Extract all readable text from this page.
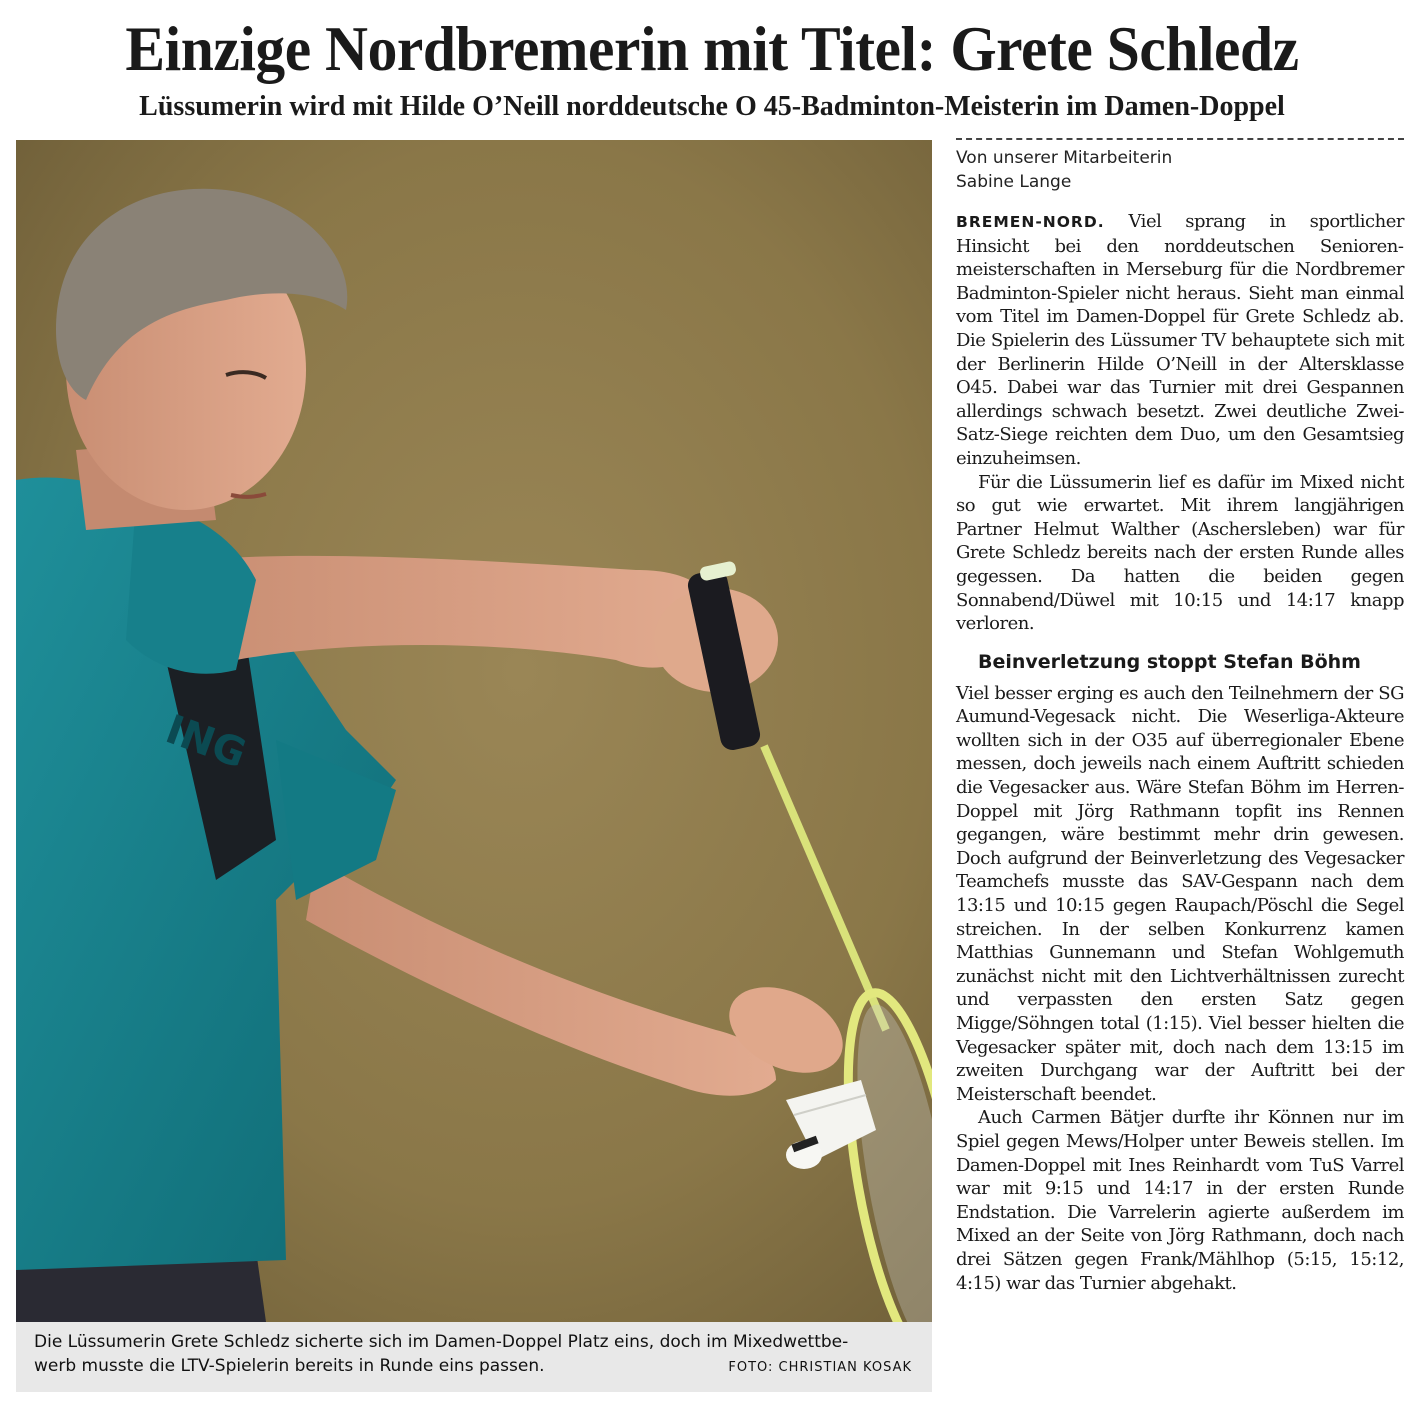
Einzige Nordbremerin mit Titel: Grete Schledz
Lüssumerin wird mit Hilde O’Neill norddeutsche O 45-Badminton-Meisterin im Damen-Doppel
ING
Die Lüssumerin Grete Schledz sicherte sich im Damen-Doppel Platz eins, doch im Mixedwettbe-
werb musste die LTV-Spielerin bereits in Runde eins passen.	FOTO: CHRISTIAN KOSAK
Von unserer Mitarbeiterin
Sabine Lange

BREMEN-NORD. Viel sprang in sportlicher Hinsicht bei den norddeutschen Seniorenmeisterschaften in Merseburg für die Nordbremer Badminton-Spieler nicht heraus. Sieht man einmal vom Titel im Damen-Doppel für Grete Schledz ab. Die Spielerin des Lüssumer TV behauptete sich mit der Berlinerin Hilde O’Neill in der Altersklasse O45. Dabei war das Turnier mit drei Gespannen allerdings schwach besetzt. Zwei deutliche Zwei-Satz-Siege reichten dem Duo, um den Gesamtsieg einzuheimsen.

Für die Lüssumerin lief es dafür im Mixed nicht so gut wie erwartet. Mit ihrem langjährigen Partner Helmut Walther (Aschersleben) war für Grete Schledz bereits nach der ersten Runde alles gegessen. Da hatten die beiden gegen Sonnabend/Düwel mit 10:15 und 14:17 knapp verloren.

Beinverletzung stoppt Stefan Böhm

Viel besser erging es auch den Teilnehmern der SG Aumund-Vegesack nicht. Die Weserliga-Akteure wollten sich in der O35 auf überregionaler Ebene messen, doch jeweils nach einem Auftritt schieden die Vegesacker aus. Wäre Stefan Böhm im Herren-Doppel mit Jörg Rathmann topfit ins Rennen gegangen, wäre bestimmt mehr drin gewesen. Doch aufgrund der Beinverletzung des Vegesacker Teamchefs musste das SAV-Gespann nach dem 13:15 und 10:15 gegen Raupach/Pöschl die Segel streichen. In der selben Konkurrenz kamen Matthias Gunnemann und Stefan Wohlgemuth zunächst nicht mit den Lichtverhältnissen zurecht und verpassten den ersten Satz gegen Migge/Söhngen total (1:15). Viel besser hielten die Vegesacker später mit, doch nach dem 13:15 im zweiten Durchgang war der Auftritt bei der Meisterschaft beendet.

Auch Carmen Bätjer durfte ihr Können nur im Spiel gegen Mews/Holper unter Beweis stellen. Im Damen-Doppel mit Ines Reinhardt vom TuS Varrel war mit 9:15 und 14:17 in der ersten Runde Endstation. Die Varrelerin agierte außerdem im Mixed an der Seite von Jörg Rathmann, doch nach drei Sätzen gegen Frank/Mählhop (5:15, 15:12, 4:15) war das Turnier abgehakt.
